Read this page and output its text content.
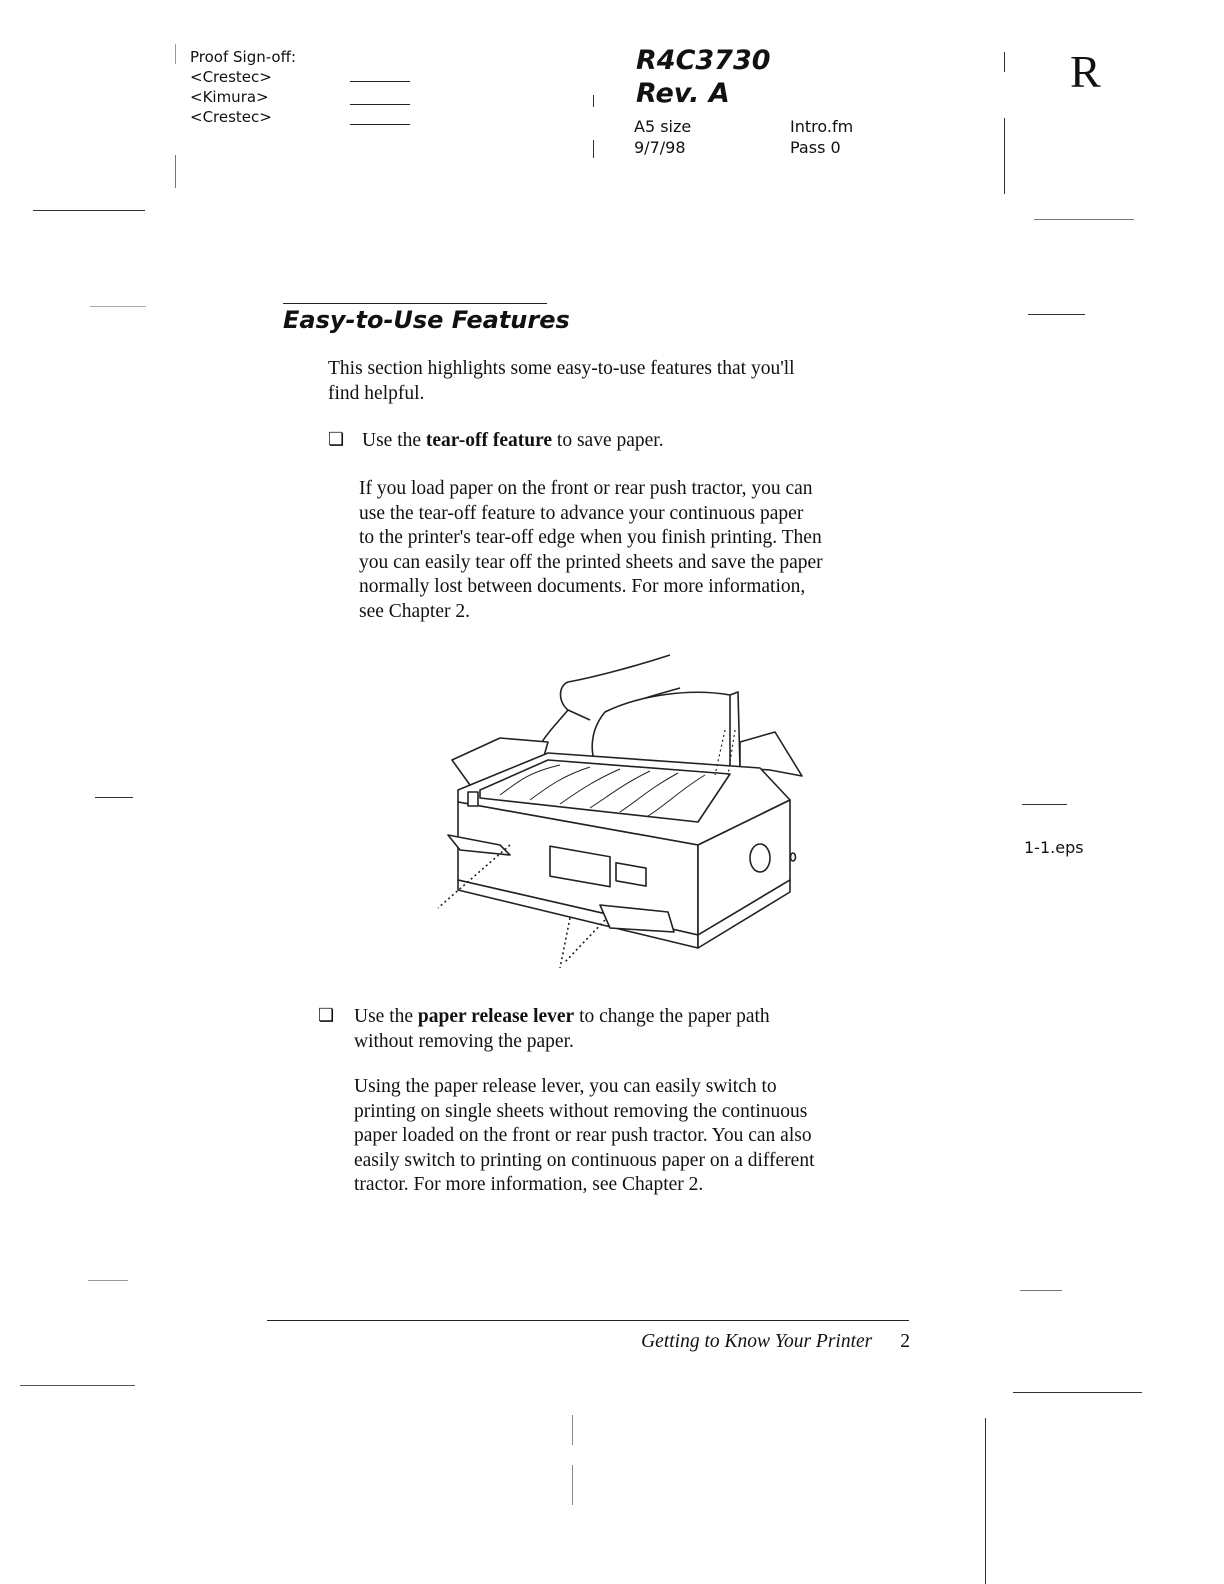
Proof Sign-off:
<Crestec>
<Kimura>
<Crestec>
R4C3730
Rev. A
A5 size
9/7/98
Intro.fm
Pass 0
R
Easy-to-Use Features
This section highlights some easy-to-use features that you'll
find helpful.
❏ Use the tear-off feature to save paper.
If you load paper on the front or rear push tractor, you can
use the tear-off feature to advance your continuous paper
to the printer's tear-off edge when you finish printing. Then
you can easily tear off the printed sheets and save the paper
normally lost between documents. For more information,
see Chapter 2.
1-1.eps
❏ Use the paper release lever to change the paper path
without removing the paper.
Using the paper release lever, you can easily switch to
printing on single sheets without removing the continuous
paper loaded on the front or rear push tractor. You can also
easily switch to printing on continuous paper on a different
tractor. For more information, see Chapter 2.
Getting to Know Your Printer 2
